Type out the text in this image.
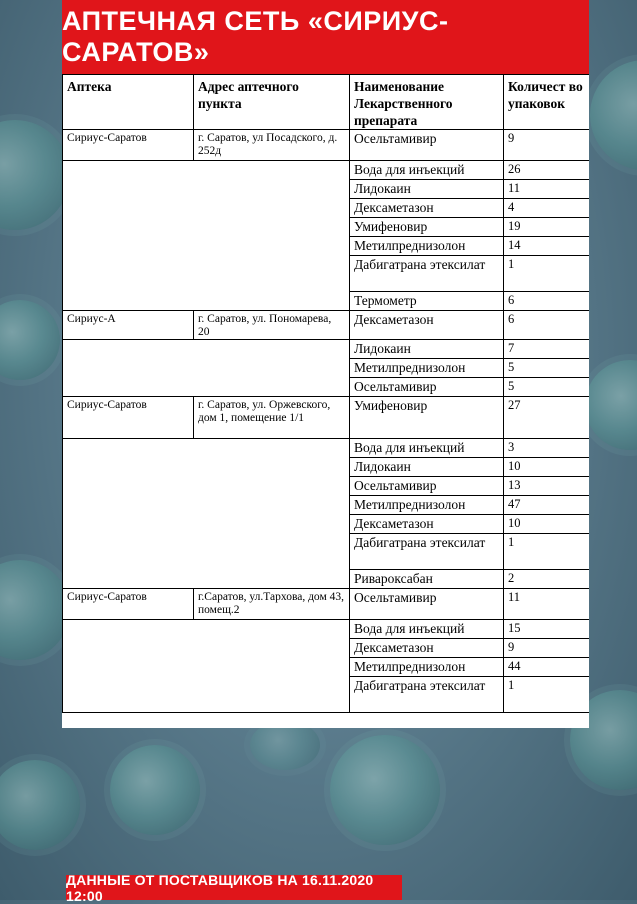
АПТЕЧНАЯ СЕТЬ «СИРИУС-САРАТОВ»
Аптека	Адрес аптечного пункта	Наименование Лекарственного препарата	Количест во упаковок
Сириус-Саратов	г. Саратов, ул Посадского, д. 252д	Осельтамивир	9
		Вода для инъекций	26
		Лидокаин	11
		Дексаметазон	4
		Умифеновир	19
		Метилпреднизолон	14
		Дабигатрана этексилат	1
		Термометр	6
Сириус-А	г. Саратов, ул. Пономарева, 20	Дексаметазон	6
		Лидокаин	7
		Метилпреднизолон	5
		Осельтамивир	5
Сириус-Саратов	г. Саратов, ул. Оржевского, дом 1, помещение 1/1	Умифеновир	27
		Вода для инъекций	3
		Лидокаин	10
		Осельтамивир	13
		Метилпреднизолон	47
		Дексаметазон	10
		Дабигатрана этексилат	1
		Ривароксабан	2
Сириус-Саратов	г.Саратов, ул.Тархова, дом 43, помещ.2	Осельтамивир	11
		Вода для инъекций	15
		Дексаметазон	9
		Метилпреднизолон	44
		Дабигатрана этексилат	1
ДАННЫЕ ОТ ПОСТАВЩИКОВ НА 16.11.2020 12:00
